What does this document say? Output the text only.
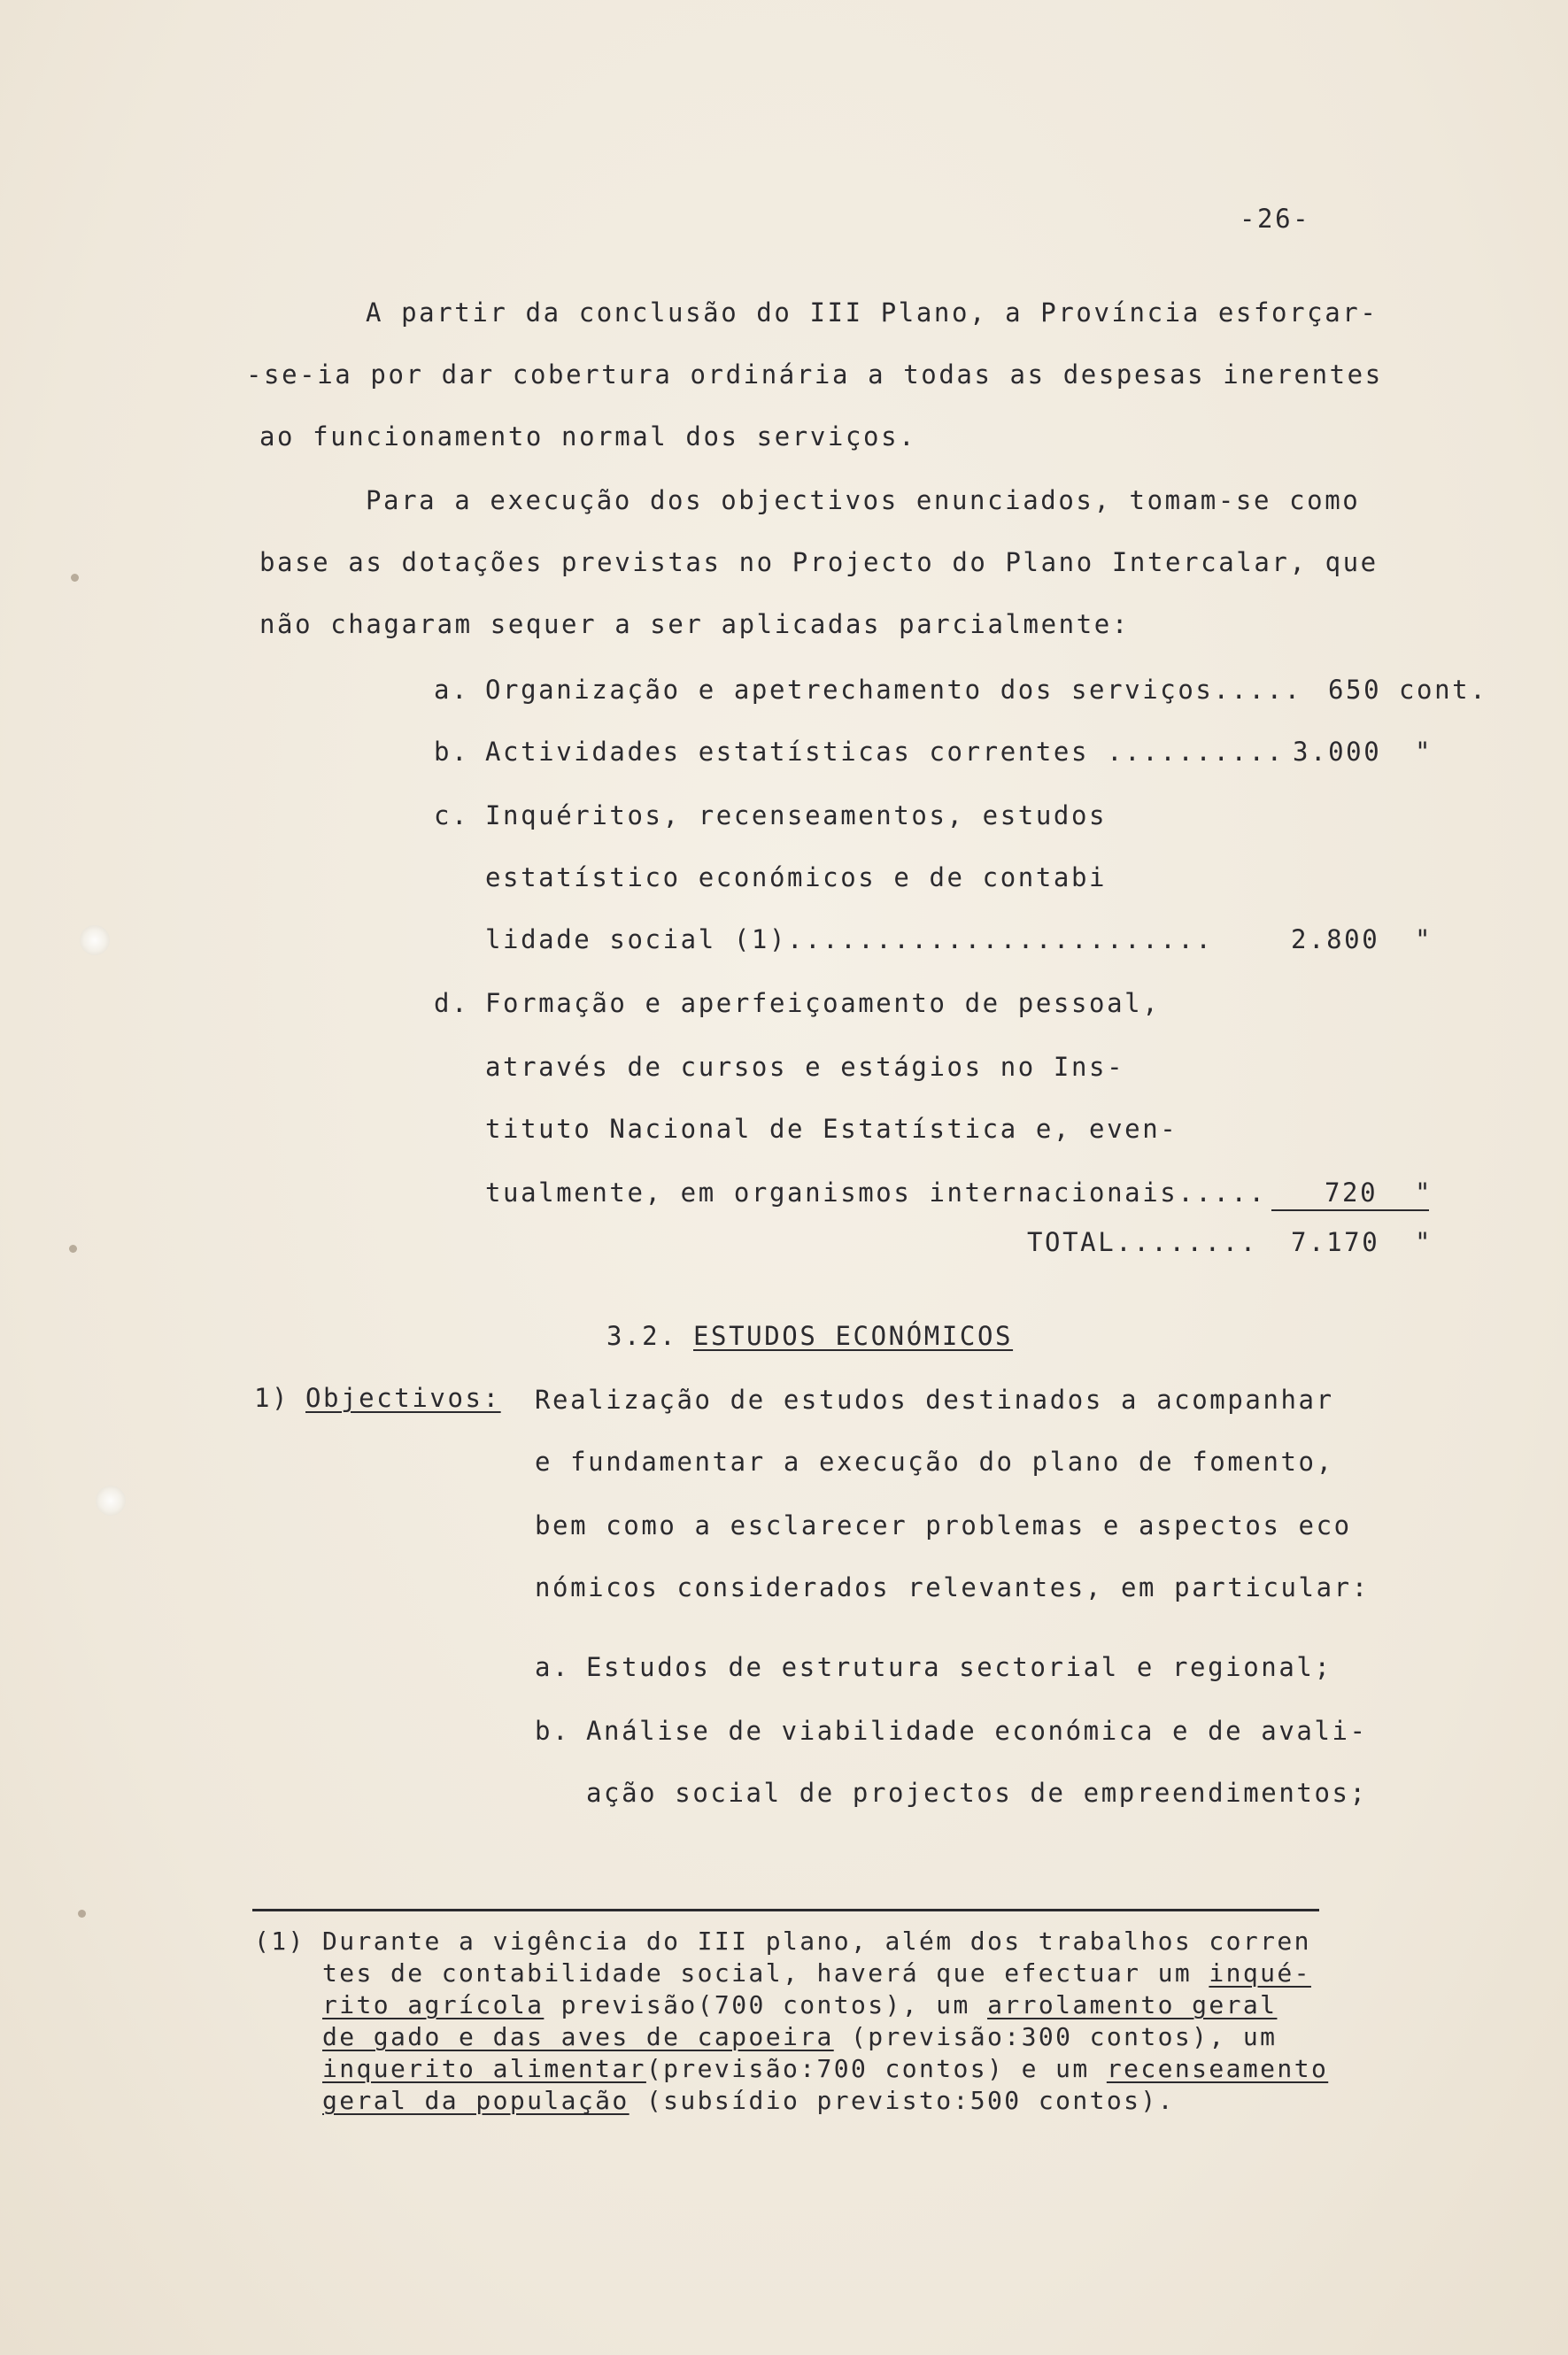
-26-
A partir da conclusão do III Plano, a Província esforçar-
-se-ia por dar cobertura ordinária a todas as despesas inerentes
ao funcionamento normal dos serviços.
Para a execução dos objectivos enunciados, tomam-se como
base as dotações previstas no Projecto do Plano Intercalar, que
não chagaram sequer a ser aplicadas parcialmente:
a. Organização e apetrechamento dos serviços..... 650 cont.
b. Actividades estatísticas correntes .......... 3.000 "
c. Inquéritos, recenseamentos, estudos
estatístico económicos e de contabi
lidade social (1)........................	2.800 "
d. Formação e aperfeiçoamento de pessoal,
através de cursos e estágios no Ins-
tituto Nacional de Estatística e, even-
tualmente, em organismos internacionais..... 720 "
TOTAL........ 7.170 "
3.2. ESTUDOS ECONÓMICOS
1) Objectivos: Realização de estudos destinados a acompanhar
e fundamentar a execução do plano de fomento,
bem como a esclarecer problemas e aspectos eco
nómicos considerados relevantes, em particular:
a. Estudos de estrutura sectorial e regional;
b. Análise de viabilidade económica e de avali-
ação social de projectos de empreendimentos;
(1) Durante a vigência do III plano, além dos trabalhos corren
tes de contabilidade social, haverá que efectuar um inqué-
rito agrícola previsão(700 contos), um arrolamento geral
de gado e das aves de capoeira (previsão:300 contos), um
inquerito alimentar(previsão:700 contos) e um recenseamento
geral da população (subsídio previsto:500 contos).
